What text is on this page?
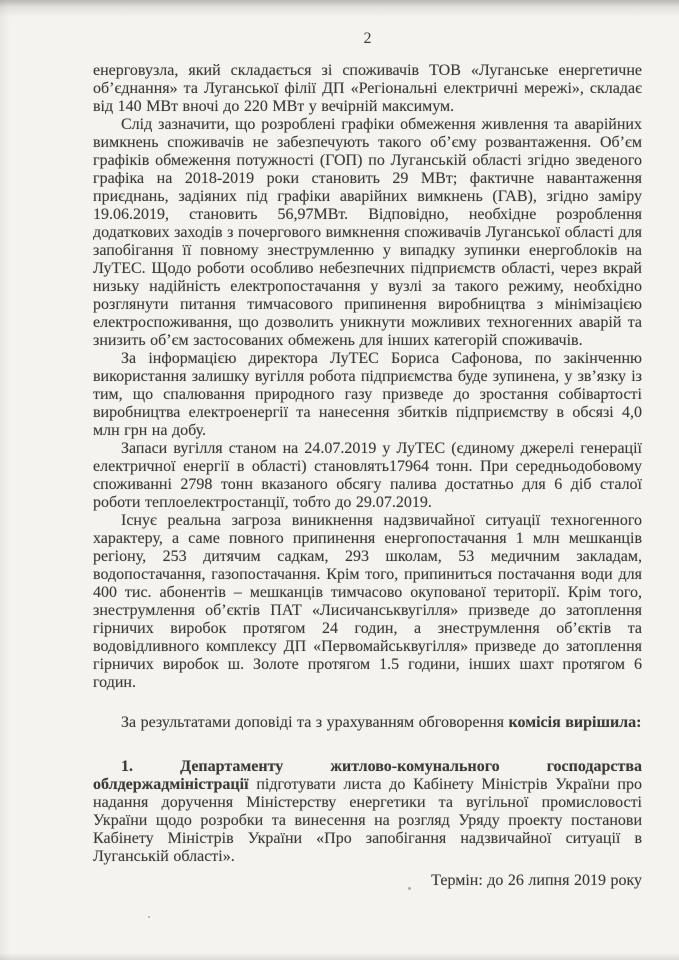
2

енерговузла, який складається зі споживачів ТОВ «Луганське енергетичне об’єднання» та Луганської філії ДП «Регіональні електричні мережі», складає від 140 МВт вночі до 220 МВт у вечірній максимум.

Слід зазначити, що розроблені графіки обмеження живлення та аварійних вимкнень споживачів не забезпечують такого об’єму розвантаження. Об’єм графіків обмеження потужності (ГОП) по Луганській області згідно зведеного графіка на 2018-2019 роки становить 29 МВт; фактичне навантаження приєднань, задіяних під графіки аварійних вимкнень (ГАВ), згідно заміру 19.06.2019, становить 56,97МВт. Відповідно, необхідне розроблення додаткових заходів з почергового вимкнення споживачів Луганської області для запобігання її повному знеструмленню у випадку зупинки енергоблоків на ЛуТЕС. Щодо роботи особливо небезпечних підприємств області, через вкрай низьку надійність електропостачання у вузлі за такого режиму, необхідно розглянути питання тимчасового припинення виробництва з мінімізацією електроспоживання, що дозволить уникнути можливих техногенних аварій та знизить об’єм застосованих обмежень для інших категорій споживачів.

За інформацією директора ЛуТЕС Бориса Сафонова, по закінченню використання залишку вугілля робота підприємства буде зупинена, у зв’язку із тим, що спалювання природного газу призведе до зростання собівартості виробництва електроенергії та нанесення збитків підприємству в обсязі 4,0 млн грн на добу.

Запаси вугілля станом на 24.07.2019 у ЛуТЕС (єдиному джерелі генерації електричної енергії в області) становлять17964 тонн. При середньодобовому споживанні 2798 тонн вказаного обсягу палива достатньо для 6 діб сталої роботи теплоелектростанції, тобто до 29.07.2019.

Існує реальна загроза виникнення надзвичайної ситуації техногенного характеру, а саме повного припинення енергопостачання 1 млн мешканців регіону, 253 дитячим садкам, 293 школам, 53 медичним закладам, водопостачання, газопостачання. Крім того, припиниться постачання води для 400 тис. абонентів – мешканців тимчасово окупованої території. Крім того, знеструмлення об’єктів ПАТ «Лисичанськвугілля» призведе до затоплення гірничих виробок протягом 24 годин, а знеструмлення об’єктів та водовідливного комплексу ДП «Первомайськвугілля» призведе до затоплення гірничих виробок ш. Золоте протягом 1.5 години, інших шахт протягом 6 годин.

За результатами доповіді та з урахуванням обговорення комісія вирішила:

1.	Департаменту житлово-комунального господарства облдержадміністрації підготувати листа до Кабінету Міністрів України про надання доручення Міністерству енергетики та вугільної промисловості України щодо розробки та винесення на розгляд Уряду проекту постанови Кабінету Міністрів України «Про запобігання надзвичайної ситуації в Луганській області».

Термін: до 26 липня 2019 року
